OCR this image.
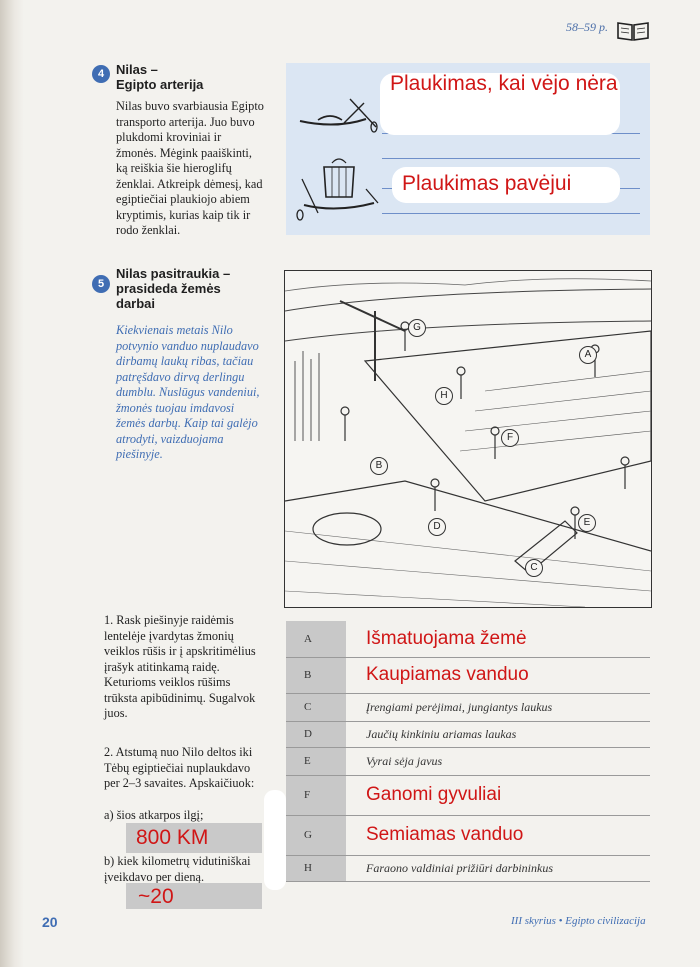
58–59 p.
4 Nilas –
Egipto arterija
Nilas buvo svarbiausia Egipto transporto arterija. Juo buvo plukdomi kroviniai ir žmonės. Mėgink paaiškinti, ką reiškia šie hieroglifų ženklai. Atkreipk dėmesį, kad egiptiečiai plaukiojo abiem kryptimis, kurias kaip tik ir rodo ženklai.
Plaukimas, kai vėjo nėra
Plaukimas pavėjui
5
Nilas pasitraukia –
prasideda žemės
darbai
Kiekvienais metais Nilo potvynio vanduo nuplaudavo dirbamų laukų ribas, tačiau patręšdavo dirvą derlingu dumblu. Nuslūgus vandeniui, žmonės tuojau imdavosi žemės darbų. Kaip tai galėjo atrodyti, vaizduojama piešinyje.
G
A
H
F
B
D	E
C
1. Rask piešinyje raidėmis lentelėje įvardytas žmonių veiklos rūšis ir į apskritimėlius įrašyk atitinkamą raidę. Keturioms veiklos rūšims trūksta apibūdinimų. Sugalvok juos.
2. Atstumą nuo Nilo deltos iki Tėbų egiptiečiai nuplaukdavo per 2–3 savaites. Apskaičiuok:
a) šios atkarpos ilgį;
800 KM
b) kiek kilometrų vidutiniškai įveikdavo per dieną.
~20
A	Išmatuojama žemė
B	Kaupiamas vanduo
C	Įrengiami perėjimai, jungiantys laukus
D	Jaučių kinkiniu ariamas laukas
E	Vyrai sėja javus
F	Ganomi gyvuliai
G	Semiamas vanduo
H	Faraono valdiniai prižiūri darbininkus
20	III skyrius • Egipto civilizacija
